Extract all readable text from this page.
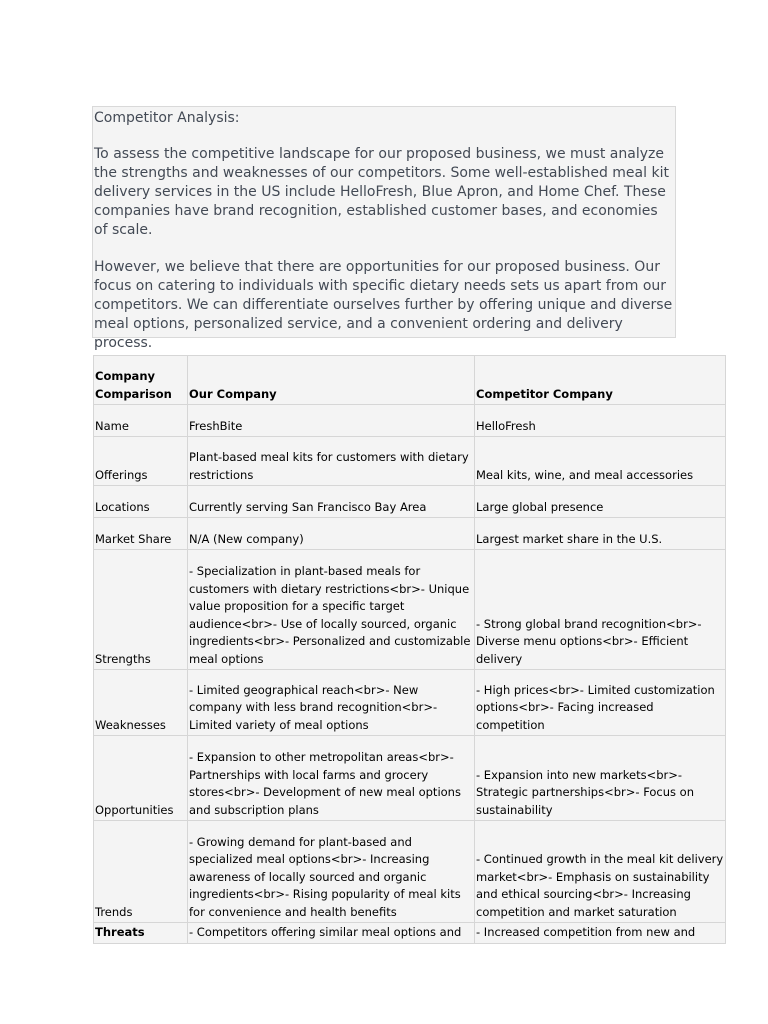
Competitor Analysis:

To assess the competitive landscape for our proposed business, we must analyze the strengths and weaknesses of our competitors. Some well-established meal kit delivery services in the US include HelloFresh, Blue Apron, and Home Chef. These companies have brand recognition, established customer bases, and economies of scale.

However, we believe that there are opportunities for our proposed business. Our focus on catering to individuals with specific dietary needs sets us apart from our competitors. We can differentiate ourselves further by offering unique and diverse meal options, personalized service, and a convenient ordering and delivery process.

Company Comparison	Our Company	Competitor Company
Name	FreshBite	HelloFresh
Offerings	Plant-based meal kits for customers with dietary restrictions	Meal kits, wine, and meal accessories
Locations	Currently serving San Francisco Bay Area	Large global presence
Market Share	N/A (New company)	Largest market share in the U.S.
Strengths	- Specialization in plant-based meals for customers with dietary restrictions<br>- Unique value proposition for a specific target audience<br>- Use of locally sourced, organic ingredients<br>- Personalized and customizable meal options	- Strong global brand recognition<br>- Diverse menu options<br>- Efficient delivery
Weaknesses	- Limited geographical reach<br>- New company with less brand recognition<br>- Limited variety of meal options	- High prices<br>- Limited customization options<br>- Facing increased competition
Opportunities	- Expansion to other metropolitan areas<br>- Partnerships with local farms and grocery stores<br>- Development of new meal options and subscription plans	- Expansion into new markets<br>- Strategic partnerships<br>- Focus on sustainability
Trends	- Growing demand for plant-based and specialized meal options<br>- Increasing awareness of locally sourced and organic ingredients<br>- Rising popularity of meal kits for convenience and health benefits	- Continued growth in the meal kit delivery market<br>- Emphasis on sustainability and ethical sourcing<br>- Increasing competition and market saturation
Threats	- Competitors offering similar meal options and	- Increased competition from new and
